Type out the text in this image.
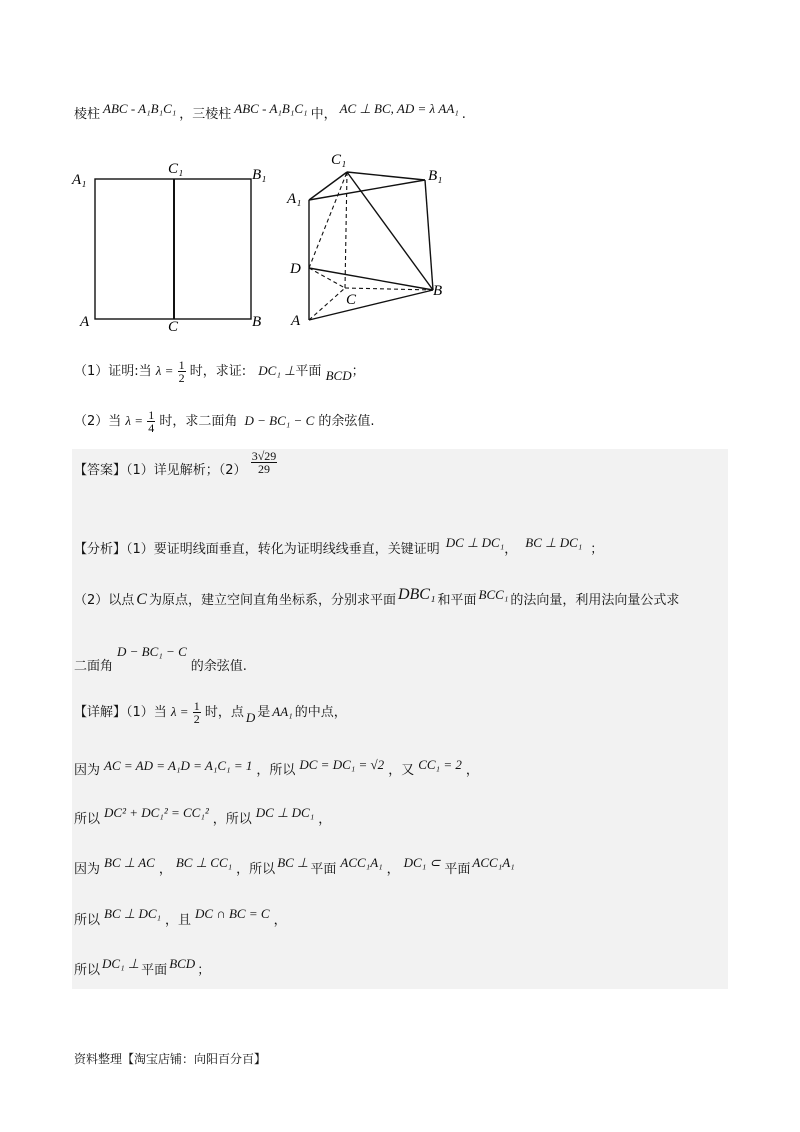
棱柱 ABC - A₁B₁C₁ ，三棱柱 ABC - A₁B₁C₁ 中， AC ⊥ BC, AD = λ AA₁ .
A₁
C₁	B₁
A	C	B
C₁
B₁
A₁
D
C
B
A
（1）证明:当 $\lambda = \frac{1}{2}$ 时，求证: DC₁ ⊥平面 BCD；
（2）当 $\lambda = \frac{1}{4}$ 时，求二面角 D − BC₁ − C 的余弦值.
【答案】（1）详见解析；$(2) \frac{3√29}{29}$
【分析】（1）要证明线面垂直，转化为证明线线垂直，关键证明 DC ⊥ DC₁， BC ⊥ DC₁ ；
（2）以点 C 为原点，建立空间直角坐标系，分别求平面 DBC₁ 和平面 BCC₁ 的法向量，利用法向量公式求
二面角D − BC₁ − C的余弦值.
【详解】（1）当 $\lambda = \frac{1}{2}$ 时，点 D 是 AA₁ 的中点，
因为 AC = AD = A₁D = A₁C₁ = 1 ，所以 DC = DC₁ = √2 ，又 CC₁ = 2 ，
所以 DC² + DC₁² = CC₁² ，所以 DC ⊥ DC₁ ，
因为 BC ⊥ AC ， BC ⊥ CC₁ ，所以 BC ⊥ 平面 ACC₁A₁ ， DC₁ ⊂ 平面 ACC₁A₁
所以 BC ⊥ DC₁ ，且 DC ∩ BC = C ，
所以 DC₁ ⊥ 平面 BCD ；
资料整理【淘宝店铺：向阳百分百】
